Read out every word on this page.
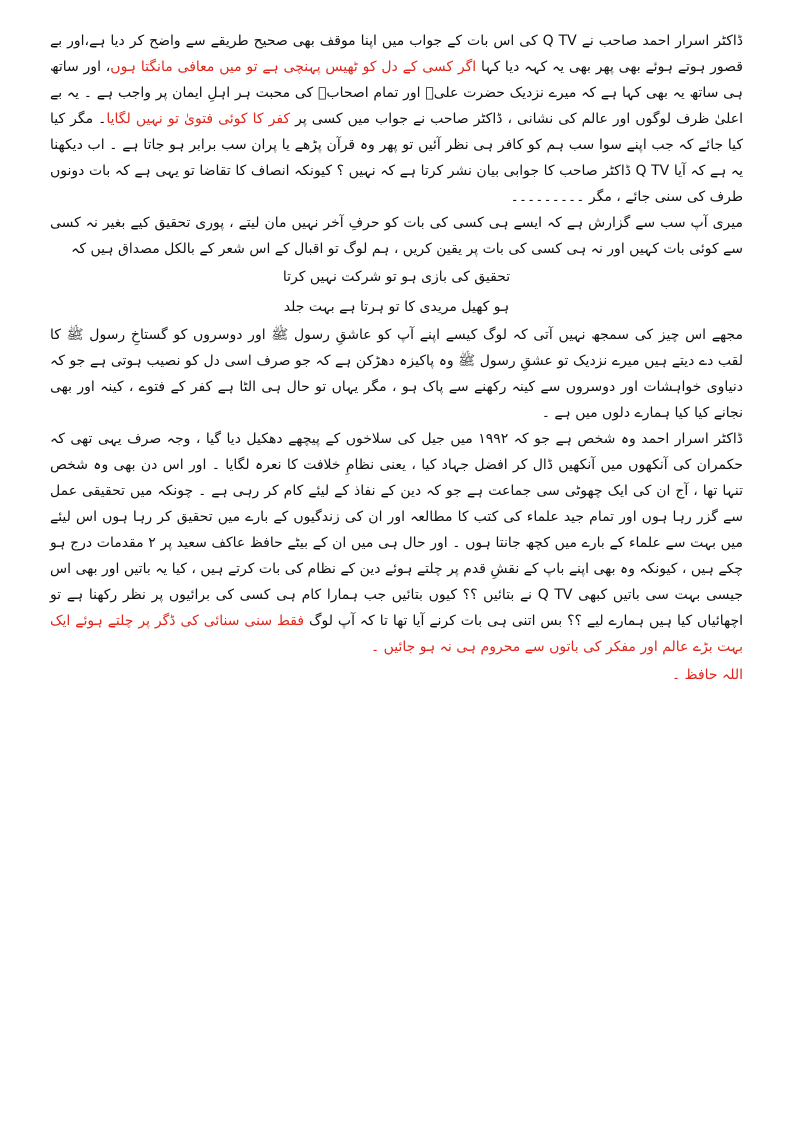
ڈاکٹر اسرار احمد صاحب نے Q TV کی اس بات کے جواب میں اپنا موقف بھی صحیح طریقے سے واضح کر دیا ہے،اور بے قصور ہوتے ہوئے بھی پھر بھی یہ کہہ دیا کہا اگر کسی کے دل کو ٹھیس پہنچی ہے تو میں معافی مانگتا ہوں، اور ساتھ ہی ساتھ یہ بھی کہا ہے کہ میرے نزدیک حضرت علیؓ اور تمام اصحابؓ کی محبت ہر اہلِ ایمان پر واجب ہے ۔ یہ بے اعلیٰ ظرف لوگوں اور عالم کی نشانی ، ڈاکٹر صاحب نے جواب میں کسی پر کفر کا کوئی فتویٰ تو نہیں لگایا۔ مگر کیا کیا جائے کہ جب اپنے سوا سب ہم کو کافر ہی نظر آئیں تو پھر وہ قرآن پڑھے یا پران سب برابر ہو جاتا ہے ۔ اب دیکھنا یہ ہے کہ آیا Q TV ڈاکٹر صاحب کا جوابی بیان نشر کرتا ہے کہ نہیں ؟ کیونکہ انصاف کا تقاضا تو یہی ہے کہ بات دونوں طرف کی سنی جائے ، مگر ۔۔۔۔۔۔۔۔۔

میری آپ سب سے گزارش ہے کہ ایسے ہی کسی کی بات کو حرفِ آخر نہیں مان لیتے ، پوری تحقیق کیے بغیر نہ کسی سے کوئی بات کہیں اور نہ ہی کسی کی بات پر یقین کریں ، ہم لوگ تو اقبال کے اس شعر کے بالکل مصداق ہیں کہ

تحقیق کی بازی ہو تو شرکت نہیں کرتا

ہو کھیل مریدی کا تو ہرتا ہے بہت جلد

مجھے اس چیز کی سمجھ نہیں آتی کہ لوگ کیسے اپنے آپ کو عاشقِ رسول ﷺ اور دوسروں کو گستاخِ رسول ﷺ کا لقب دے دیتے ہیں میرے نزدیک تو عشقِ رسول ﷺ وہ پاکیزہ دھڑکن ہے کہ جو صرف اسی دل کو نصیب ہوتی ہے جو کہ دنیاوی خواہشات اور دوسروں سے کینہ رکھنے سے پاک ہو ، مگر یہاں تو حال ہی الٹا ہے کفر کے فتوے ، کینہ اور بھی نجانے کیا کیا ہمارے دلوں میں ہے ۔

ڈاکٹر اسرار احمد وہ شخص ہے جو کہ ۱۹۹۲ میں جیل کی سلاخوں کے پیچھے دھکیل دیا گیا ، وجہ صرف یہی تھی کہ حکمران کی آنکھوں میں آنکھیں ڈال کر افضل جہاد کیا ، یعنی نظامِ خلافت کا نعرہ لگایا ۔ اور اس دن بھی وہ شخص تنہا تھا ، آج ان کی ایک چھوٹی سی جماعت ہے جو کہ دین کے نفاذ کے لیئے کام کر رہی ہے ۔ چونکہ میں تحقیقی عمل سے گزر رہا ہوں اور تمام جید علماء کی کتب کا مطالعہ اور ان کی زندگیوں کے بارے میں تحقیق کر رہا ہوں اس لیئے میں بہت سے علماء کے بارے میں کچھ جانتا ہوں ۔ اور حال ہی میں ان کے بیٹے حافظ عاکف سعید پر ۲ مقدمات درج ہو چکے ہیں ، کیونکہ وہ بھی اپنے باپ کے نقشِ قدم پر چلتے ہوئے دین کے نظام کی بات کرتے ہیں ، کیا یہ باتیں اور بھی اس جیسی بہت سی باتیں کبھی Q TV نے بتائیں ؟؟ کیوں بتائیں جب ہمارا کام ہی کسی کی برائیوں پر نظر رکھنا ہے تو اچھائیاں کیا ہیں ہمارے لیے ؟؟ بس اتنی ہی بات کرنے آیا تھا تا کہ آپ لوگ فقط سنی سنائی کی ڈگر پر چلتے ہوئے ایک بہت بڑے عالم اور مفکر کی باتوں سے محروم ہی نہ ہو جائیں ۔

اللہ حافظ ۔
